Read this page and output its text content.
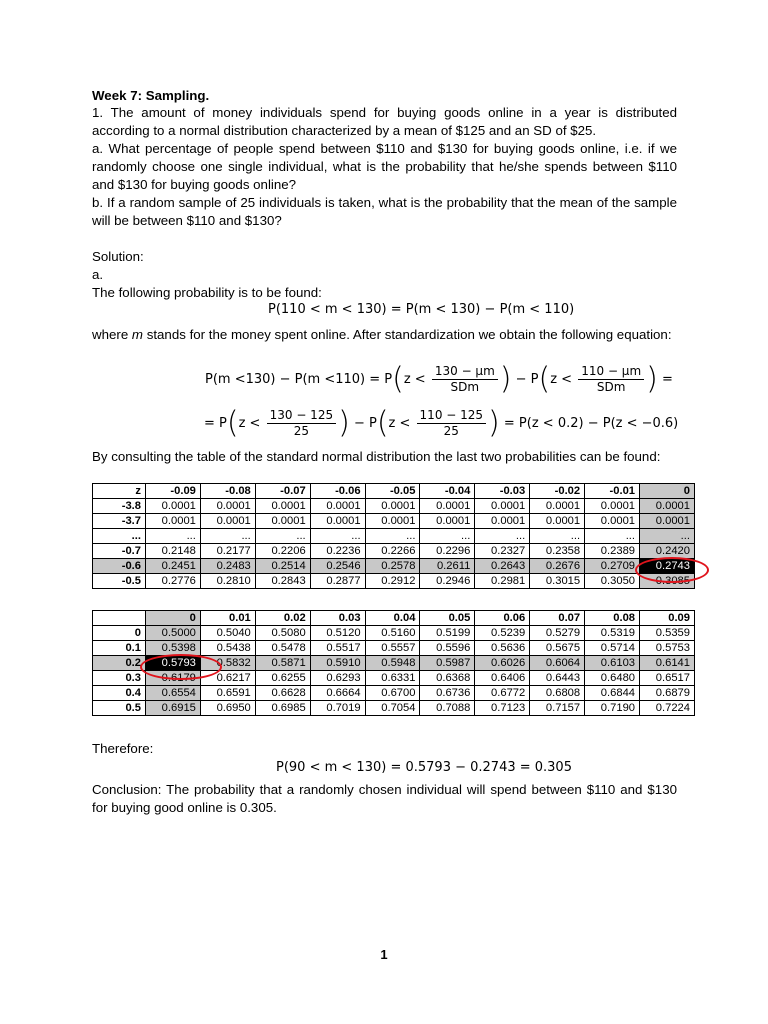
Week 7: Sampling.
1. The amount of money individuals spend for buying goods online in a year is distributed according to a normal distribution characterized by a mean of $125 and an SD of $25.
a. What percentage of people spend between $110 and $130 for buying goods online, i.e. if we randomly choose one single individual, what is the probability that he/she spends between $110 and $130 for buying goods online?
b. If a random sample of 25 individuals is taken, what is the probability that the mean of the sample will be between $110 and $130?
Solution:
a.
The following probability is to be found:
P(110 < m < 130) = P(m < 130) − P(m < 110)
where m stands for the money spent online. After standardization we obtain the following equation:
$P(m <130) - P(m <110) = P(z < \frac{130 - \mu m}{\text{SDm}}$ ) − $P(z < \frac{110 - \mu m}{\text{SDm}}$ ) =
= $P(z < \frac{130 - 125}{25}$ ) − $P(z < \frac{110 - 125}{25}$ ) = P(z < 0.2) − P(z < −0.6)
By consulting the table of the standard normal distribution the last two probabilities can be found:
z	-0.09	-0.08	-0.07	-0.06	-0.05	-0.04	-0.03	-0.02	-0.01	0
-3.8	0.0001	0.0001	0.0001	0.0001	0.0001	0.0001	0.0001	0.0001	0.0001	0.0001
-3.7	0.0001	0.0001	0.0001	0.0001	0.0001	0.0001	0.0001	0.0001	0.0001	0.0001
...	...	...	...	...	...	...	...	...	...	...
-0.7	0.2148	0.2177	0.2206	0.2236	0.2266	0.2296	0.2327	0.2358	0.2389	0.2420
-0.6	0.2451	0.2483	0.2514	0.2546	0.2578	0.2611	0.2643	0.2676	0.2709	0.2743
-0.5	0.2776	0.2810	0.2843	0.2877	0.2912	0.2946	0.2981	0.3015	0.3050	0.3085
	0	0.01	0.02	0.03	0.04	0.05	0.06	0.07	0.08	0.09
0	0.5000	0.5040	0.5080	0.5120	0.5160	0.5199	0.5239	0.5279	0.5319	0.5359
0.1	0.5398	0.5438	0.5478	0.5517	0.5557	0.5596	0.5636	0.5675	0.5714	0.5753
0.2	0.5793	0.5832	0.5871	0.5910	0.5948	0.5987	0.6026	0.6064	0.6103	0.6141
0.3	0.6179	0.6217	0.6255	0.6293	0.6331	0.6368	0.6406	0.6443	0.6480	0.6517
0.4	0.6554	0.6591	0.6628	0.6664	0.6700	0.6736	0.6772	0.6808	0.6844	0.6879
0.5	0.6915	0.6950	0.6985	0.7019	0.7054	0.7088	0.7123	0.7157	0.7190	0.7224
Therefore:
P(90 < m < 130) = 0.5793 − 0.2743 = 0.305
Conclusion: The probability that a randomly chosen individual will spend between $110 and $130 for buying good online is 0.305.
1
